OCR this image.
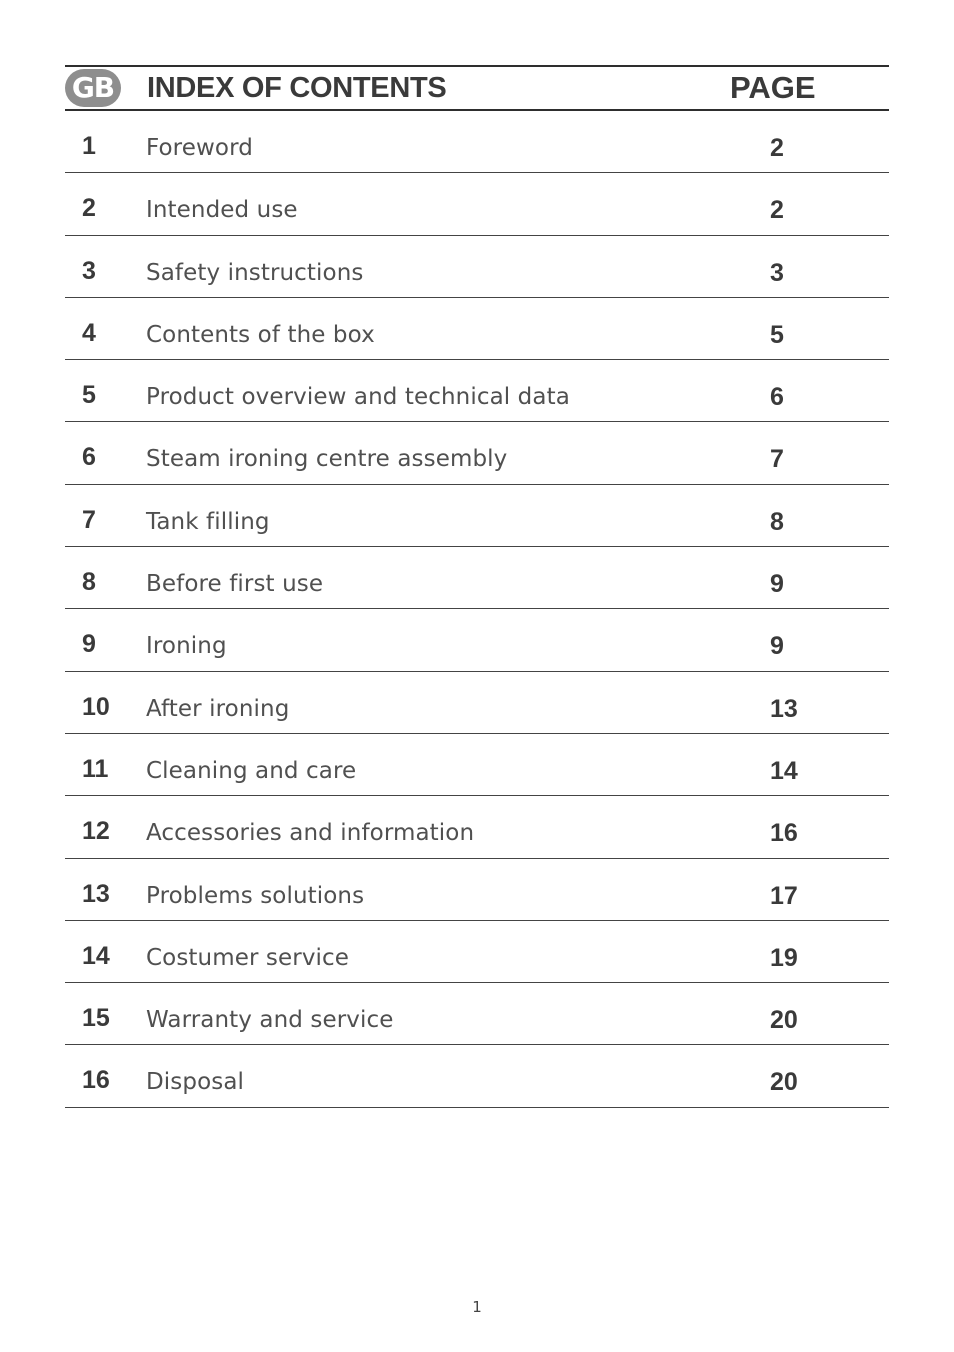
GB INDEX OF CONTENTS	PAGE
1 Foreword	2
2 Intended use	2
3 Safety instructions	3
4 Contents of the box	5
5 Product overview and technical data	6
6 Steam ironing centre assembly	7
7 Tank filling	8
8 Before first use	9
9 Ironing	9
10 After ironing	13
11 Cleaning and care	14
12 Accessories and information	16
13 Problems solutions	17
14 Costumer service	19
15 Warranty and service	20
16 Disposal	20
1
